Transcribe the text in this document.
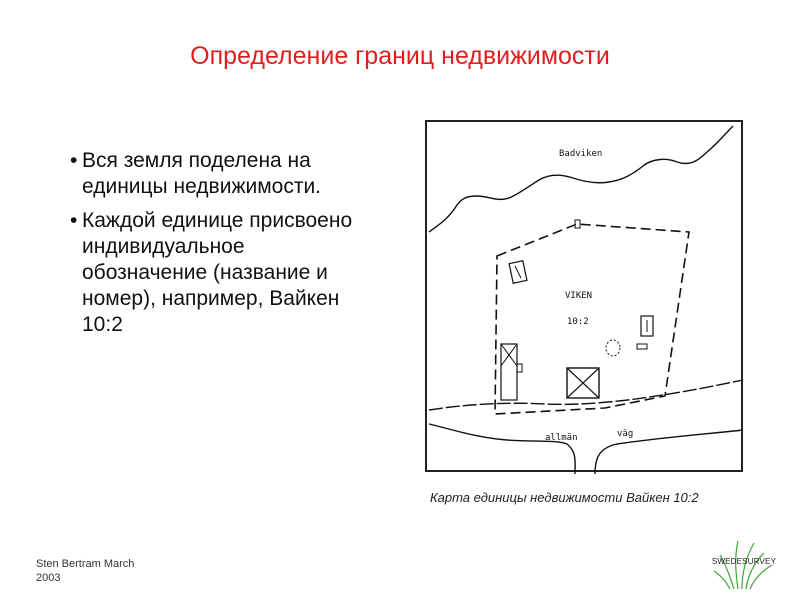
Определение границ недвижимости
• Вся земля поделена на единицы недвижимости.
• Каждой единице присвоено индивидуальное обозначение (название и номер), например, Вайкен 10:2
Badviken
VIKEN
10:2
allmän	väg
Карта единицы недвижимости Вайкен 10:2
Sten Bertram March
2003
SWEDESURVEY
